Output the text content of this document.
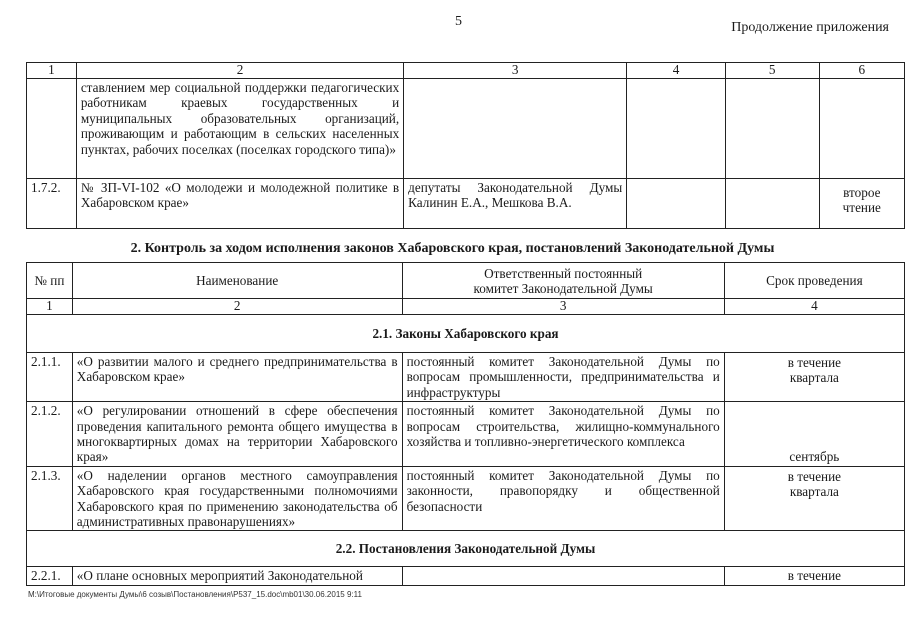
5	Продолжение приложения
1	2	3	4	5	6
	ставлением мер социальной поддержки педагогических работникам краевых государственных и муниципальных образовательных организаций, проживающим и работающим в сельских населенных пунктах, рабочих поселках (поселках городского типа)»				
1.7.2.	№ ЗП-VI-102 «О молодежи и молодежной политике в Хабаровском крае»	депутаты Законодательной Думы Калинин Е.А., Мешкова В.А.			второе чтение
2. Контроль за ходом исполнения законов Хабаровского края, постановлений Законодательной Думы
№ пп	Наименование	Ответственный постоянный комитет Законодательной Думы	Срок проведения
1	2	3	4
2.1. Законы Хабаровского края			
2.1.1.	«О развитии малого и среднего предпринимательства в Хабаровском крае»	постоянный комитет Законодательной Думы по вопросам промышленности, предпринимательства и инфраструктуры	в течение квартала
2.1.2.	«О регулировании отношений в сфере обеспечения проведения капитального ремонта общего имущества в многоквартирных домах на территории Хабаровского края»	постоянный комитет Законодательной Думы по вопросам строительства, жилищно-коммунального хозяйства и топливно-энергетического комплекса	сентябрь
2.1.3.	«О наделении органов местного самоуправления Хабаровского края государственными полномочиями Хабаровского края по применению законодательства об административных правонарушениях»	постоянный комитет Законодательной Думы по законности, правопорядку и общественной безопасности	в течение квартала
2.2. Постановления Законодательной Думы			
2.2.1.	«О плане основных мероприятий Законодательной		в течение
M:\Итоговые документы Думы\6 созыв\Постановления\P537_15.doc\mb01\30.06.2015 9:11
